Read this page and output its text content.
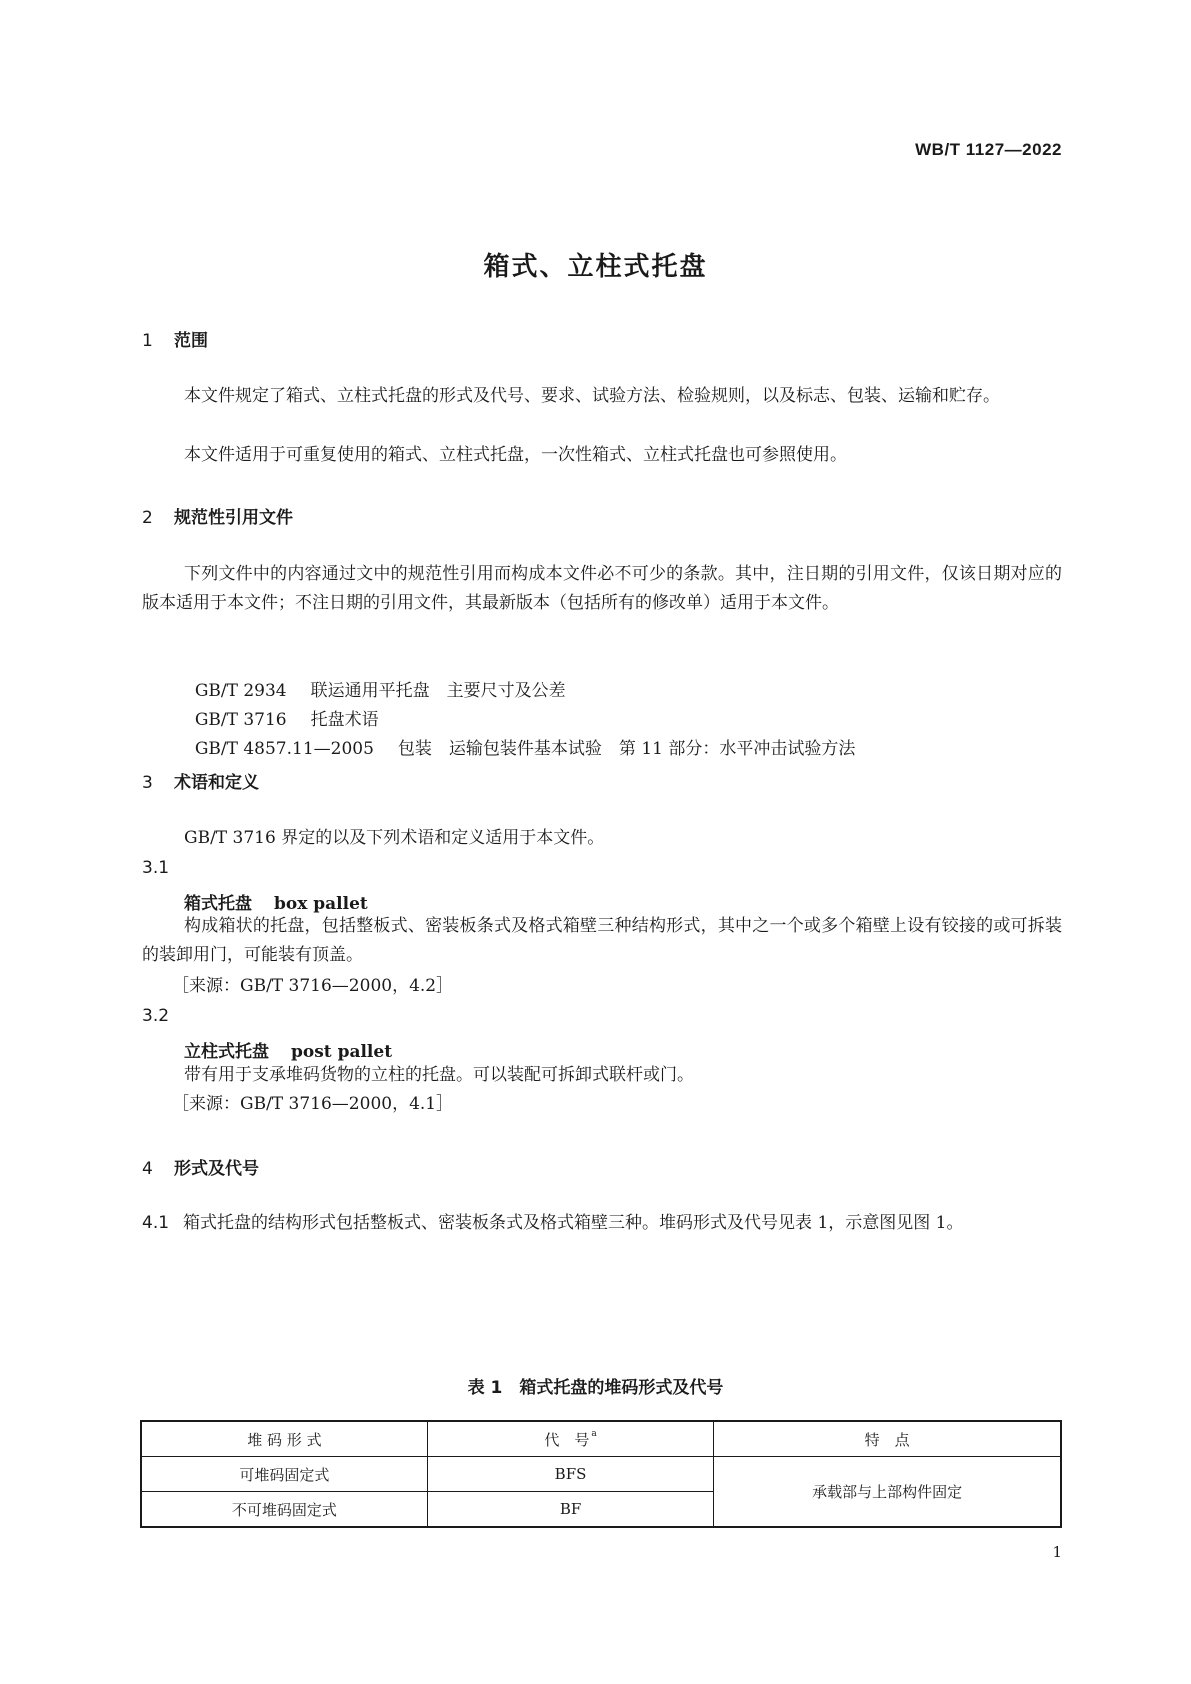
WB/T 1127—2022
箱式、立柱式托盘
1 范围
本文件规定了箱式、立柱式托盘的形式及代号、要求、试验方法、检验规则，以及标志、包装、运输和贮存。
本文件适用于可重复使用的箱式、立柱式托盘，一次性箱式、立柱式托盘也可参照使用。
2 规范性引用文件
下列文件中的内容通过文中的规范性引用而构成本文件必不可少的条款。其中，注日期的引用文件，仅该日期对应的版本适用于本文件；不注日期的引用文件，其最新版本（包括所有的修改单）适用于本文件。

GB/T 2934 联运通用平托盘　主要尺寸及公差

GB/T 3716 托盘术语

GB/T 4857.11—2005 包装　运输包装件基本试验　第 11 部分：水平冲击试验方法

3 术语和定义
GB/T 3716 界定的以及下列术语和定义适用于本文件。
3.1
箱式托盘 box pallet
构成箱状的托盘，包括整板式、密装板条式及格式箱壁三种结构形式，其中之一个或多个箱壁上设有铰接的或可拆装的装卸用门，可能装有顶盖。
［来源：GB/T 3716—2000，4.2］
3.2
立柱式托盘 post pallet
带有用于支承堆码货物的立柱的托盘。可以装配可拆卸式联杆或门。
［来源：GB/T 3716—2000，4.1］
4 形式及代号
4.1 箱式托盘的结构形式包括整板式、密装板条式及格式箱壁三种。堆码形式及代号见表 1，示意图见图 1。
表 1　箱式托盘的堆码形式及代号
堆 码 形 式	代　号 $^a$	特　点
可堆码固定式	BFS	承载部与上部构件固定
不可堆码固定式	BF	
1
